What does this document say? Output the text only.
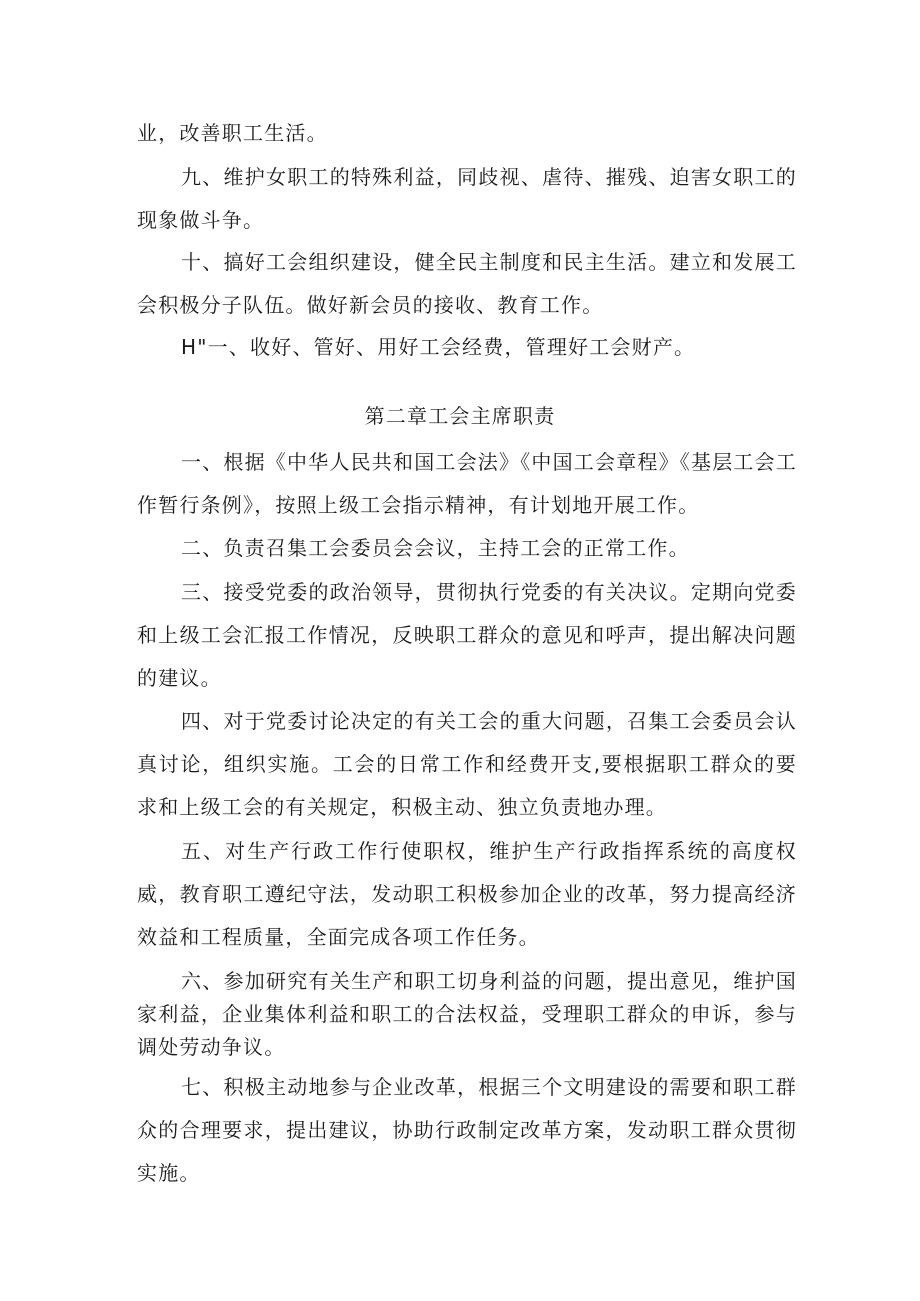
业，改善职工生活。

九、维护女职工的特殊利益，同歧视、虐待、摧残、迫害女职工的现象做斗争。

十、搞好工会组织建设，健全民主制度和民主生活。建立和发展工会积极分子队伍。做好新会员的接收、教育工作。

H"一、收好、管好、用好工会经费，管理好工会财产。

第二章工会主席职责

一、根据《中华人民共和国工会法》《中国工会章程》《基层工会工作暂行条例》，按照上级工会指示精神，有计划地开展工作。

二、负责召集工会委员会会议，主持工会的正常工作。

三、接受党委的政治领导，贯彻执行党委的有关决议。定期向党委和上级工会汇报工作情况，反映职工群众的意见和呼声，提出解决问题的建议。

四、对于党委讨论决定的有关工会的重大问题，召集工会委员会认真讨论，组织实施。工会的日常工作和经费开支,要根据职工群众的要求和上级工会的有关规定，积极主动、独立负责地办理。

五、对生产行政工作行使职权，维护生产行政指挥系统的高度权威，教育职工遵纪守法，发动职工积极参加企业的改革，努力提高经济效益和工程质量，全面完成各项工作任务。

六、参加研究有关生产和职工切身利益的问题，提出意见，维护国家利益，企业集体利益和职工的合法权益，受理职工群众的申诉，参与调处劳动争议。

七、积极主动地参与企业改革，根据三个文明建设的需要和职工群众的合理要求，提出建议，协助行政制定改革方案，发动职工群众贯彻实施。
